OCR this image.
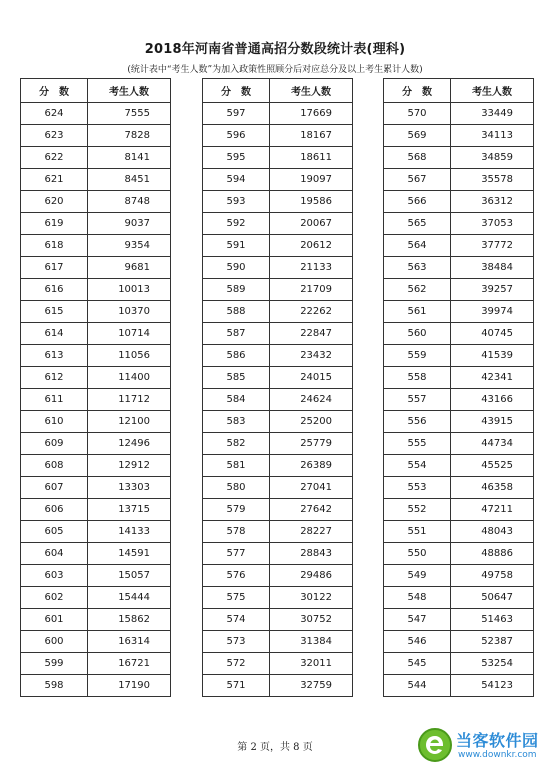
2018年河南省普通高招分数段统计表(理科)
(统计表中“考生人数”为加入政策性照顾分后对应总分及以上考生累计人数)
分　数	考生人数
624	7555
623	7828
622	8141
621	8451
620	8748
619	9037
618	9354
617	9681
616	10013
615	10370
614	10714
613	11056
612	11400
611	11712
610	12100
609	12496
608	12912
607	13303
606	13715
605	14133
604	14591
603	15057
602	15444
601	15862
600	16314
599	16721
598	17190
分　数	考生人数
597	17669
596	18167
595	18611
594	19097
593	19586
592	20067
591	20612
590	21133
589	21709
588	22262
587	22847
586	23432
585	24015
584	24624
583	25200
582	25779
581	26389
580	27041
579	27642
578	28227
577	28843
576	29486
575	30122
574	30752
573	31384
572	32011
571	32759
分　数	考生人数
570	33449
569	34113
568	34859
567	35578
566	36312
565	37053
564	37772
563	38484
562	39257
561	39974
560	40745
559	41539
558	42341
557	43166
556	43915
555	44734
554	45525
553	46358
552	47211
551	48043
550	48886
549	49758
548	50647
547	51463
546	52387
545	53254
544	54123
第 2 页，共 8 页	当客软件园
www.downkr.com
